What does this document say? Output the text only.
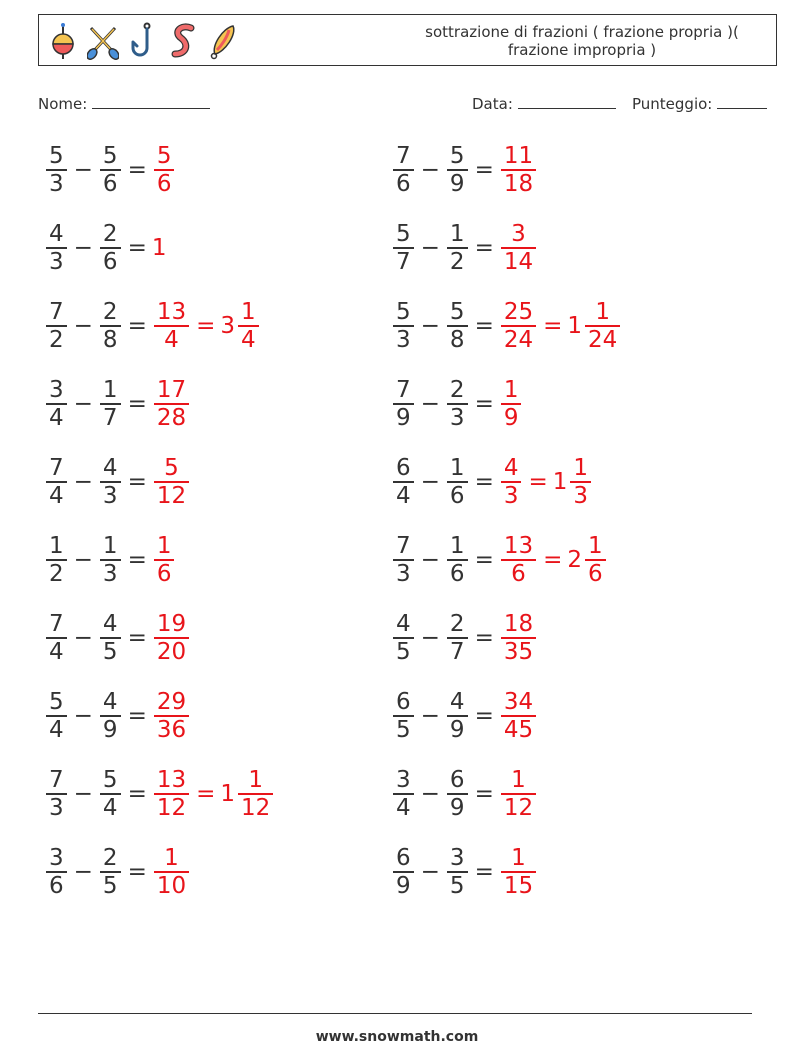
sottrazione di frazioni ( frazione propria )( frazione impropria )
Nome:	Data:	Punteggio:
$\frac{5}{3} - \frac{5}{6} = \frac{5}{6}$	$\frac{7}{6} - \frac{5}{9} = \frac{11}{18}$
$\frac{4}{3} - \frac{2}{6} = 1$	$\frac{5}{7} - \frac{1}{2} = \frac{3}{14}$
$\frac{7}{2} - \frac{2}{8} = \frac{13}{4} = 3 \frac{1}{4}$	$\frac{5}{3} - \frac{5}{8} = \frac{25}{24} = 1 \frac{1}{24}$
$\frac{3}{4} - \frac{1}{7} = \frac{17}{28}$	$\frac{7}{9} - \frac{2}{3} = \frac{1}{9}$
$\frac{7}{4} - \frac{4}{3} = \frac{5}{12}$	$\frac{6}{4} - \frac{1}{6} = \frac{4}{3} = 1 \frac{1}{3}$
$\frac{1}{2} - \frac{1}{3} = \frac{1}{6}$	$\frac{7}{3} - \frac{1}{6} = \frac{13}{6} = 2 \frac{1}{6}$
$\frac{7}{4} - \frac{4}{5} = \frac{19}{20}$	$\frac{4}{5} - \frac{2}{7} = \frac{18}{35}$
$\frac{5}{4} - \frac{4}{9} = \frac{29}{36}$	$\frac{6}{5} - \frac{4}{9} = \frac{34}{45}$
$\frac{7}{3} - \frac{5}{4} = \frac{13}{12} = 1 \frac{1}{12}$	$\frac{3}{4} - \frac{6}{9} = \frac{1}{12}$
$\frac{3}{6} - \frac{2}{5} = \frac{1}{10}$	$\frac{6}{9} - \frac{3}{5} = \frac{1}{15}$
www.snowmath.com
